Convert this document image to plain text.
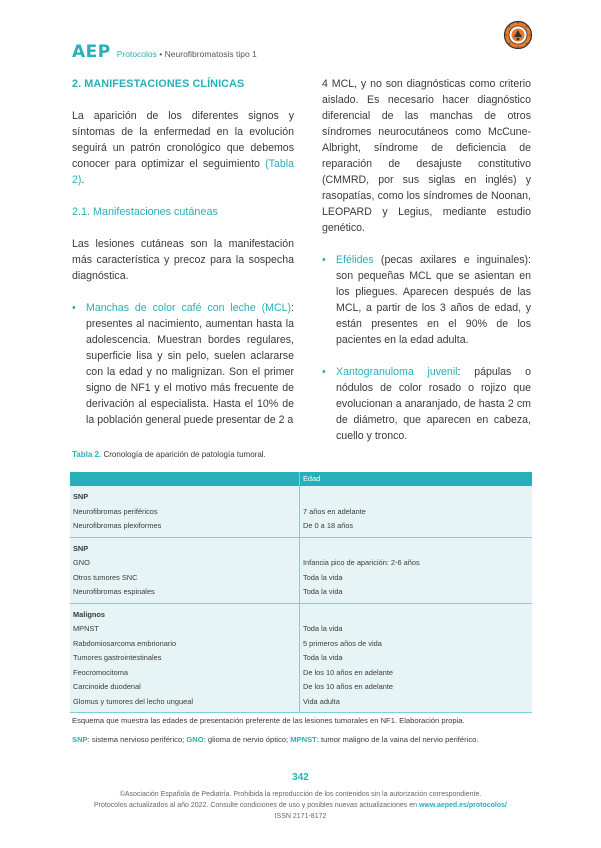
AEP Protocolos • Neurofibromatosis tipo 1
2. MANIFESTACIONES CLÍNICAS

La aparición de los diferentes signos y síntomas de la enfermedad en la evolución seguirá un patrón cronológico que debemos conocer para optimizar el seguimiento (Tabla 2).

2.1. Manifestaciones cutáneas

Las lesiones cutáneas son la manifestación más característica y precoz para la sospecha diagnóstica.

• Manchas de color café con leche (MCL): presentes al nacimiento, aumentan hasta la adolescencia. Muestran bordes regulares, superficie lisa y sin pelo, suelen aclararse con la edad y no malignizan. Son el primer signo de NF1 y el motivo más frecuente de derivación al especialista. Hasta el 10% de la población general puede presentar de 2 a

4 MCL, y no son diagnósticas como criterio aislado. Es necesario hacer diagnóstico diferencial de las manchas de otros síndromes neurocutáneos como McCune-Albright, síndrome de deficiencia de reparación de desajuste constitutivo (CMMRD, por sus siglas en inglés) y rasopatías, como los síndromes de Noonan, LEOPARD y Legius, mediante estudio genético.

• Efélides (pecas axilares e inguinales): son pequeñas MCL que se asientan en los pliegues. Aparecen después de las MCL, a partir de los 3 años de edad, y están presentes en el 90% de los pacientes en la edad adulta.

• Xantogranuloma juvenil: pápulas o nódulos de color rosado o rojizo que evolucionan a anaranjado, de hasta 2 cm de diámetro, que aparecen en cabeza, cuello y tronco.

Tabla 2. Cronología de aparición de patología tumoral.
	Edad
SNP	
Neurofibromas periféricos	7 años en adelante
Neurofibromas plexiformes	De 0 a 18 años
SNP	
GNO	Infancia pico de aparición: 2-6 años
Otros tumores SNC	Toda la vida
Neurofibromas espinales	Toda la vida
Malignos	
MPNST	Toda la vida
Rabdomiosarcoma embrionario	5 primeros años de vida
Tumores gastrointestinales	Toda la vida
Feocromocitoma	De los 10 años en adelante
Carcinoide duodenal	De los 10 años en adelante
Glomus y tumores del lecho ungueal	Vida adulta
Esquema que muestra las edades de presentación preferente de las lesiones tumorales en NF1. Elaboración propia.
SNP: sistema nervioso periférico; GNO: glioma de nervio óptico; MPNST: tumor maligno de la vaina del nervio periférico.
342
©Asociación Española de Pediatría. Prohibida la reproducción de los contenidos sin la autorización correspondiente.
Protocolos actualizados al año 2022. Consulte condiciones de uso y posibles nuevas actualizaciones en www.aeped.es/protocolos/
ISSN 2171-8172
